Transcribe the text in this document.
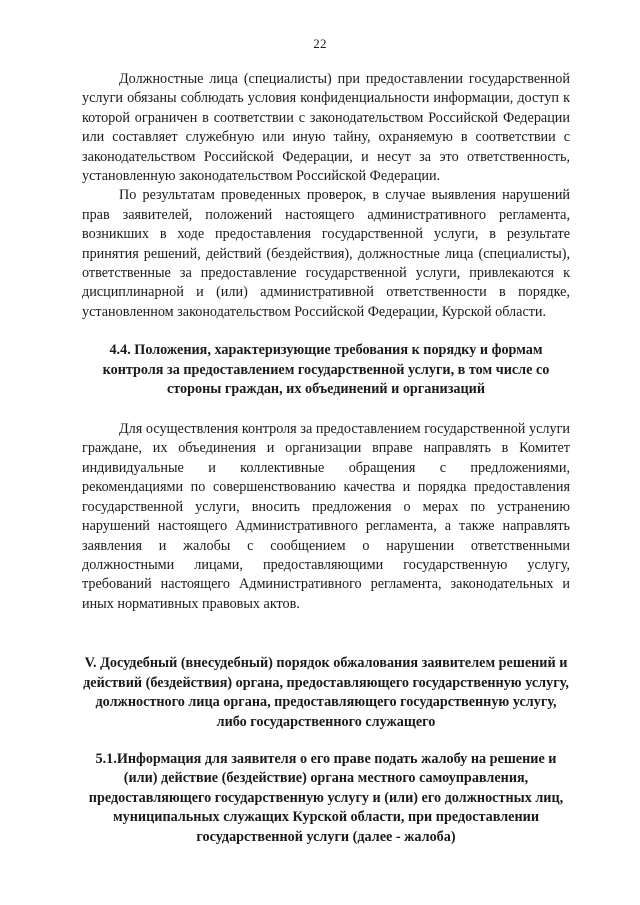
22

Должностные лица (специалисты) при предоставлении государственной услуги обязаны соблюдать условия конфиденциальности информации, доступ к которой ограничен в соответствии с законодательством Российской Федерации или составляет служебную или иную тайну, охраняемую в соответствии с законодательством Российской Федерации, и несут за это ответственность, установленную законодательством Российской Федерации.

По результатам проведенных проверок, в случае выявления нарушений прав заявителей, положений настоящего административного регламента, возникших в ходе предоставления государственной услуги, в результате принятия решений, действий (бездействия), должностные лица (специалисты), ответственные за предоставление государственной услуги, привлекаются к дисциплинарной и (или) административной ответственности в порядке, установленном законодательством Российской Федерации, Курской области.

4.4. Положения, характеризующие требования к порядку и формам контроля за предоставлением государственной услуги, в том числе со стороны граждан, их объединений и организаций

Для осуществления контроля за предоставлением государственной услуги граждане, их объединения и организации вправе направлять в Комитет индивидуальные и коллективные обращения с предложениями, рекомендациями по совершенствованию качества и порядка предоставления государственной услуги, вносить предложения о мерах по устранению нарушений настоящего Административного регламента, а также направлять заявления и жалобы с сообщением о нарушении ответственными должностными лицами, предоставляющими государственную услугу, требований настоящего Административного регламента, законодательных и иных нормативных правовых актов.

V. Досудебный (внесудебный) порядок обжалования заявителем решений и действий (бездействия) органа, предоставляющего государственную услугу, должностного лица органа, предоставляющего государственную услугу, либо государственного служащего
5.1.Информация для заявителя о его праве подать жалобу на решение и (или) действие (бездействие) органа местного самоуправления, предоставляющего государственную услугу и (или) его должностных лиц, муниципальных служащих Курской области, при предоставлении государственной услуги (далее - жалоба)
